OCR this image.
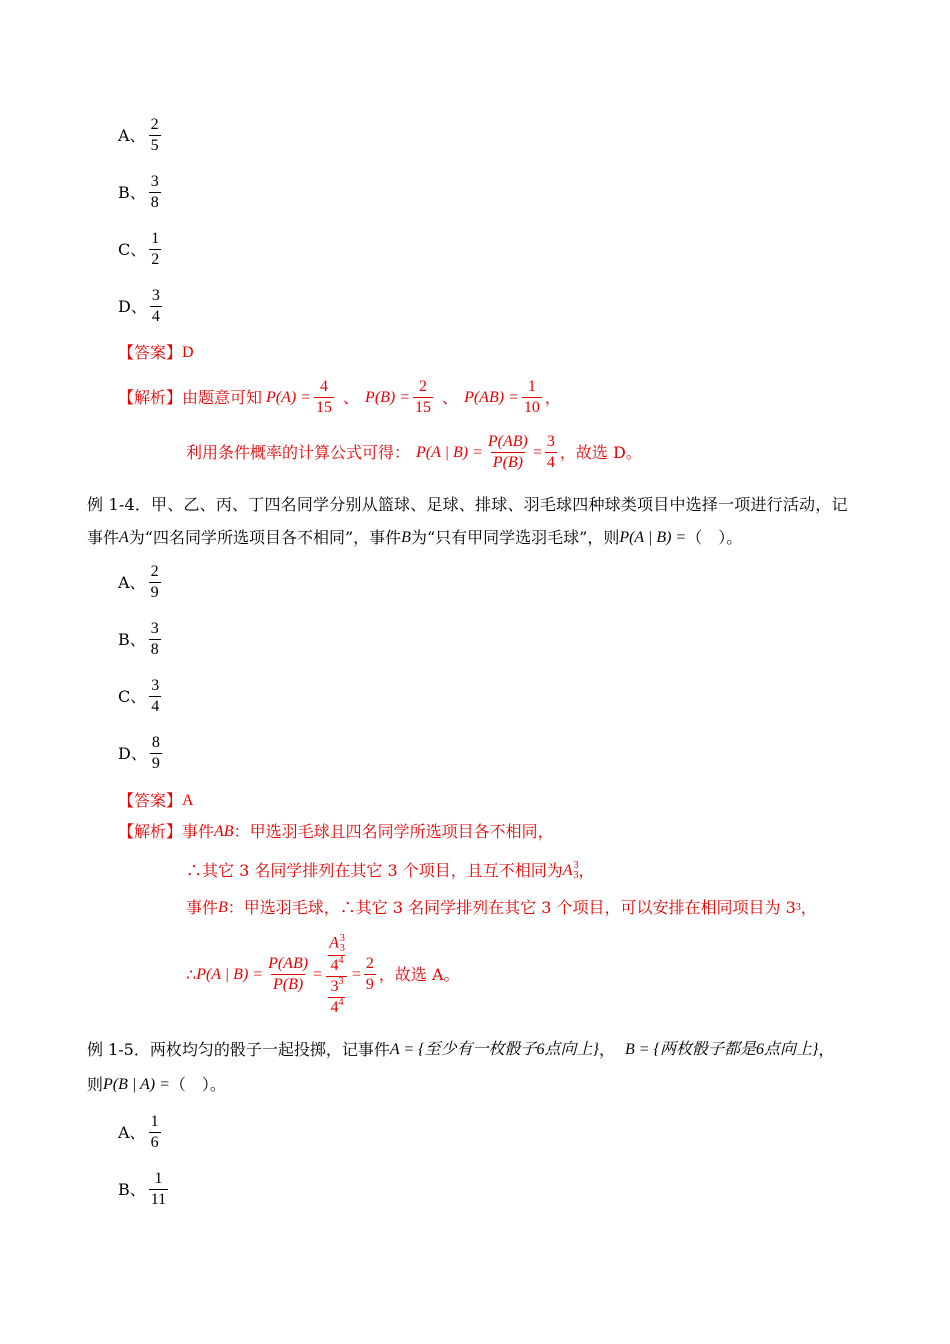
A、 $\frac{2}{5}$
B、 $\frac{3}{8}$
C、 $\frac{1}{2}$
D、 $\frac{3}{4}$
【答案】 D
【解析】 由题意可知 $P(A) = \frac{4}{15}$ 、 $P(B) = \frac{2}{15}$ 、 $P(AB) = \frac{1}{10}$ ，
利用条件概率的计算公式可得： P(A | $B) = \frac{P(AB)}{P(B)} = \frac{3}{4}$ ，故选 D。
例 1-4．甲、乙、丙、丁四名同学分别从篮球、足球、排球、羽毛球四种球类项目中选择一项进行活动，记
事件 A 为“四名同学所选项目各不相同”，事件 B 为“只有甲同学选羽毛球”，则 P(A | B) = （　）。
A、 $\frac{2}{9}$
B、 $\frac{3}{8}$
C、 $\frac{3}{4}$
D、 $\frac{8}{9}$
【答案】 A
【解析】 事件 AB ：甲选羽毛球且四名同学所选项目各不相同，
∴其它 3 名同学排列在其它 3 个项目，且互不相同为 A 3
3 ，
事件 B ：甲选羽毛球，∴其它 3 名同学排列在其它 3 个项目，可以安排在相同项目为 3 3 ，
∴ P(A | $B) = \frac{P(AB)}{P(B)} = A$ 3
3
$4^4$
$\frac{3^3}{4^4} = \frac{2}{9}$ ，故选 A。
例 1-5．两枚均匀的骰子一起投掷，记事件 A = {至少有一枚骰子6点向上} ， B = {两枚骰子都是6点向上} ，
则 P(B | A) = （　）。
A、 $\frac{1}{6}$
B、 $\frac{1}{11}$
